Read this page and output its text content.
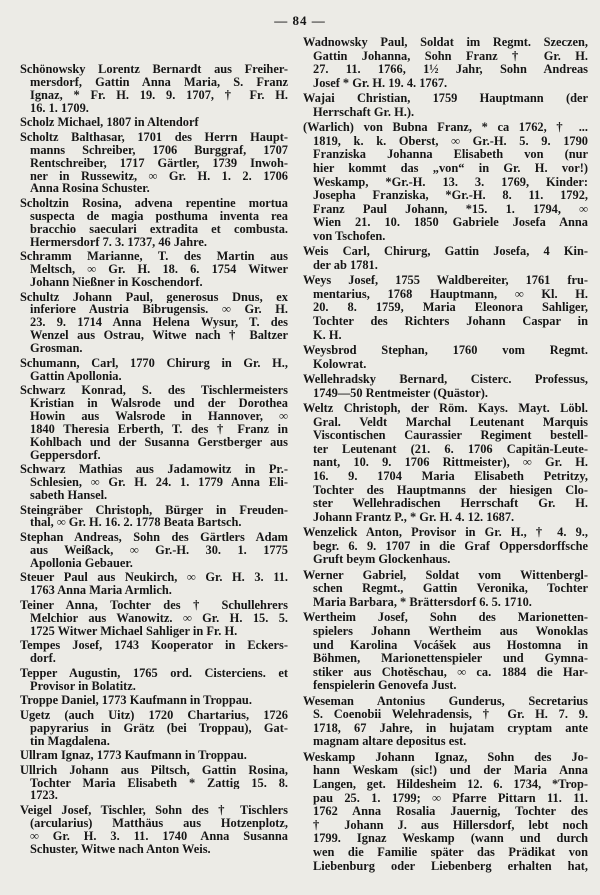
— 84 —
Schönowsky Lorentz Bernardt aus Freiher-
mersdorf, Gattin Anna Maria, S. Franz
Ignaz, * Fr. H. 19. 9. 1707, † Fr. H.
16. 1. 1709.
Scholz Michael, 1807 in Altendorf
Scholtz Balthasar, 1701 des Herrn Haupt-
manns Schreiber, 1706 Burggraf, 1707
Rentschreiber, 1717 Gärtler, 1739 Inwoh-
ner in Russewitz, ∞ Gr. H. 1. 2. 1706
Anna Rosina Schuster.
Scholtzin Rosina, advena repentine mortua
suspecta de magia posthuma inventa rea
bracchio saeculari extradita et combusta.
Hermersdorf 7. 3. 1737, 46 Jahre.
Schramm Marianne, T. des Martin aus
Meltsch, ∞ Gr. H. 18. 6. 1754 Witwer
Johann Nießner in Koschendorf.
Schultz Johann Paul, generosus Dnus, ex
inferiore Austria Bibrugensis. ∞ Gr. H.
23. 9. 1714 Anna Helena Wysur, T. des
Wenzel aus Ostrau, Witwe nach † Baltzer
Grosman.
Schumann, Carl, 1770 Chirurg in Gr. H.,
Gattin Apollonia.
Schwarz Konrad, S. des Tischlermeisters
Kristian in Walsrode und der Dorothea
Howin aus Walsrode in Hannover, ∞
1840 Theresia Erberth, T. des † Franz in
Kohlbach und der Susanna Gerstberger aus
Geppersdorf.
Schwarz Mathias aus Jadamowitz in Pr.-
Schlesien, ∞ Gr. H. 24. 1. 1779 Anna Eli-
sabeth Hansel.
Steingräber Christoph, Bürger in Freuden-
thal, ∞ Gr. H. 16. 2. 1778 Beata Bartsch.
Stephan Andreas, Sohn des Gärtlers Adam
aus Weißack, ∞ Gr.-H. 30. 1. 1775
Apollonia Gebauer.
Steuer Paul aus Neukirch, ∞ Gr. H. 3. 11.
1763 Anna Maria Armlich.
Teiner Anna, Tochter des † Schullehrers
Melchior aus Wanowitz. ∞ Gr. H. 15. 5.
1725 Witwer Michael Sahliger in Fr. H.
Tempes Josef, 1743 Kooperator in Eckers-
dorf.
Tepper Augustin, 1765 ord. Cisterciens. et
Provisor in Bolatitz.
Troppe Daniel, 1773 Kaufmann in Troppau.
Ugetz (auch Uitz) 1720 Chartarius, 1726
papyrarius in Grätz (bei Troppau), Gat-
tin Magdalena.
Ullram Ignaz, 1773 Kaufmann in Troppau.
Ullrich Johann aus Piltsch, Gattin Rosina,
Tochter Maria Elisabeth * Zattig 15. 8.
1723.
Veigel Josef, Tischler, Sohn des † Tischlers
(arcularius) Matthäus aus Hotzenplotz,
∞ Gr. H. 3. 11. 1740 Anna Susanna
Schuster, Witwe nach Anton Weis.
Wadnowsky Paul, Soldat im Regmt. Szeczen,
Gattin Johanna, Sohn Franz † Gr. H.
27. 11. 1766, 1½ Jahr, Sohn Andreas
Josef * Gr. H. 19. 4. 1767.
Wajai Christian, 1759 Hauptmann (der
Herrschaft Gr. H.).
(Warlich) von Bubna Franz, * ca 1762, † ...
1819, k. k. Oberst, ∞ Gr.-H. 5. 9. 1790
Franziska Johanna Elisabeth von (nur
hier kommt das „von“ in Gr. H. vor!)
Weskamp, *Gr.-H. 13. 3. 1769, Kinder:
Josepha Franziska, *Gr.-H. 8. 11. 1792,
Franz Paul Johann, *15. 1. 1794, ∞
Wien 21. 10. 1850 Gabriele Josefa Anna
von Tschofen.
Weis Carl, Chirurg, Gattin Josefa, 4 Kin-
der ab 1781.
Weys Josef, 1755 Waldbereiter, 1761 fru-
mentarius, 1768 Hauptmann, ∞ Kl. H.
20. 8. 1759, Maria Eleonora Sahliger,
Tochter des Richters Johann Caspar in
K. H.
Weysbrod Stephan, 1760 vom Regmt.
Kolowrat.
Wellehradsky Bernard, Cisterc. Professus,
1749—50 Rentmeister (Quästor).
Weltz Christoph, der Röm. Kays. Mayt. Löbl.
Gral. Veldt Marchal Leutenant Marquis
Viscontischen Caurassier Regiment bestell-
ter Leutenant (21. 6. 1706 Capitän-Leute-
nant, 10. 9. 1706 Rittmeister), ∞ Gr. H.
16. 9. 1704 Maria Elisabeth Petritzy,
Tochter des Hauptmanns der hiesigen Clo-
ster Wellehradischen Herrschaft Gr. H.
Johann Frantz P., * Gr. H. 4. 12. 1687.
Wenzelick Anton, Provisor in Gr. H., † 4. 9.,
begr. 6. 9. 1707 in die Graf Oppersdorffsche
Gruft beym Glockenhaus.
Werner Gabriel, Soldat vom Wittenbergl-
schen Regmt., Gattin Veronika, Tochter
Maria Barbara, * Brättersdorf 6. 5. 1710.
Wertheim Josef, Sohn des Marionetten-
spielers Johann Wertheim aus Wonoklas
und Karolina Vocášek aus Hostomna in
Böhmen, Marionettenspieler und Gymna-
stiker aus Chotěschau, ∞ ca. 1884 die Har-
fenspielerin Genovefa Just.
Weseman Antonius Gunderus, Secretarius
S. Coenobii Welehradensis, † Gr. H. 7. 9.
1718, 67 Jahre, in hujatam cryptam ante
magnam altare depositus est.
Weskamp Johann Ignaz, Sohn des Jo-
hann Weskam (sic!) und der Maria Anna
Langen, get. Hildesheim 12. 6. 1734, *Trop-
pau 25. 1. 1799; ∞ Pfarre Pittarn 11. 11.
1762 Anna Rosalia Jauernig, Tochter des
† Johann J. aus Hillersdorf, lebt noch
1799. Ignaz Weskamp (wann und durch
wen die Familie später das Prädikat von
Liebenburg oder Liebenberg erhalten hat,
